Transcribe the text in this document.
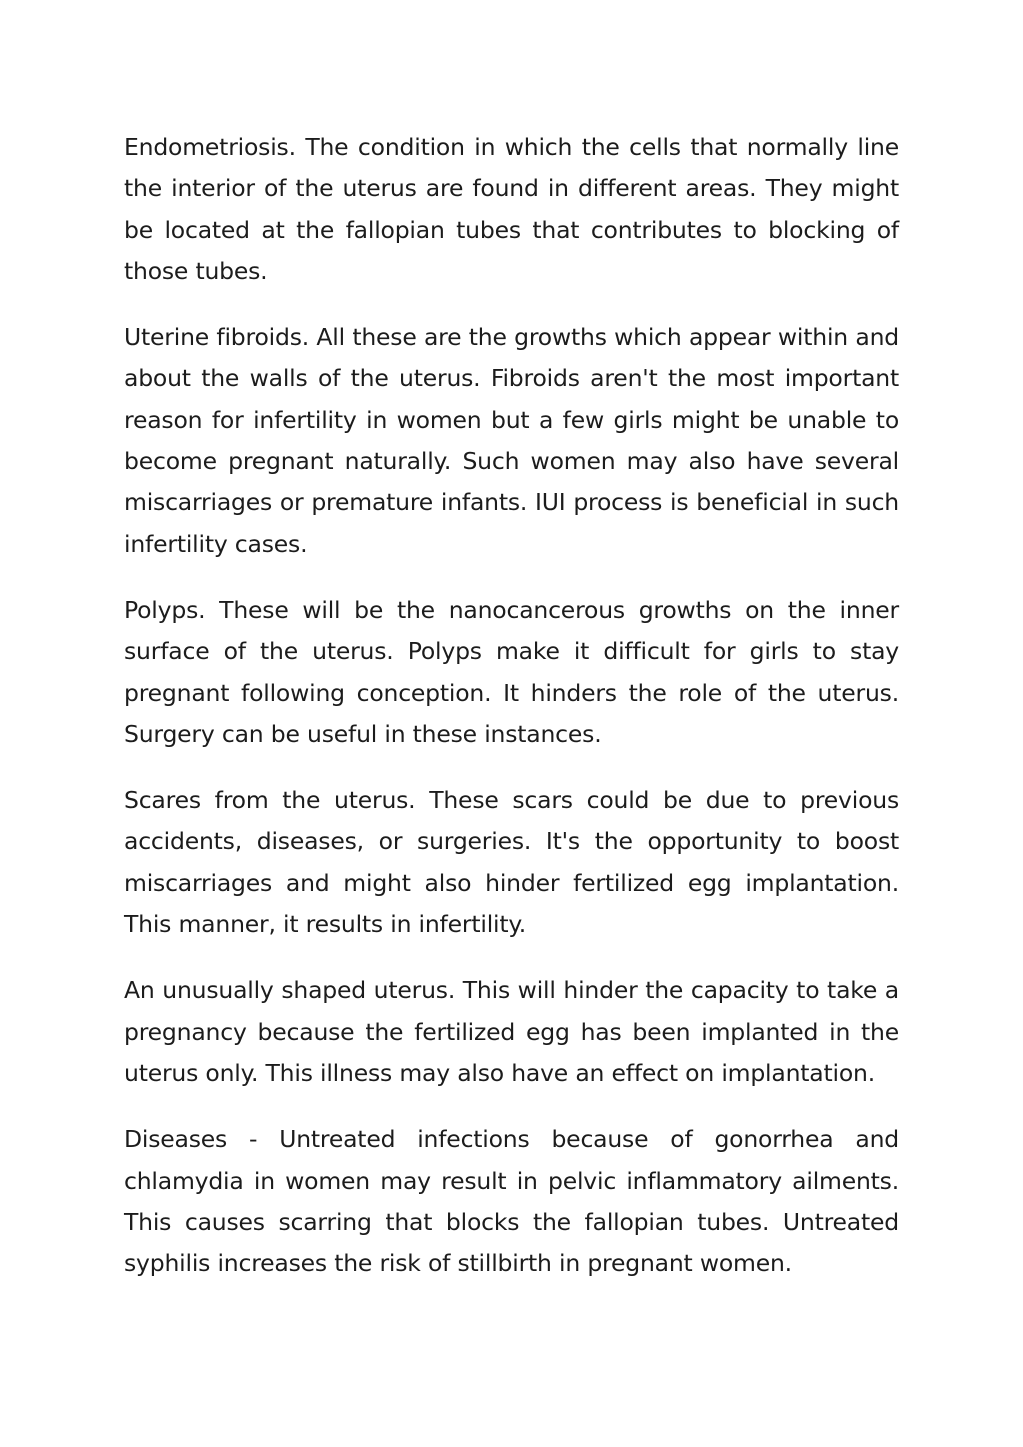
Endometriosis. The condition in which the cells that normally line the interior of the uterus are found in different areas. They might be located at the fallopian tubes that contributes to blocking of those tubes.

Uterine fibroids. All these are the growths which appear within and about the walls of the uterus. Fibroids aren't the most important reason for infertility in women but a few girls might be unable to become pregnant naturally. Such women may also have several miscarriages or premature infants. IUI process is beneficial in such infertility cases.

Polyps. These will be the nanocancerous growths on the inner surface of the uterus. Polyps make it difficult for girls to stay pregnant following conception. It hinders the role of the uterus. Surgery can be useful in these instances.

Scares from the uterus. These scars could be due to previous accidents, diseases, or surgeries. It's the opportunity to boost miscarriages and might also hinder fertilized egg implantation. This manner, it results in infertility.

An unusually shaped uterus. This will hinder the capacity to take a pregnancy because the fertilized egg has been implanted in the uterus only. This illness may also have an effect on implantation.

Diseases - Untreated infections because of gonorrhea and chlamydia in women may result in pelvic inflammatory ailments. This causes scarring that blocks the fallopian tubes. Untreated syphilis increases the risk of stillbirth in pregnant women.
